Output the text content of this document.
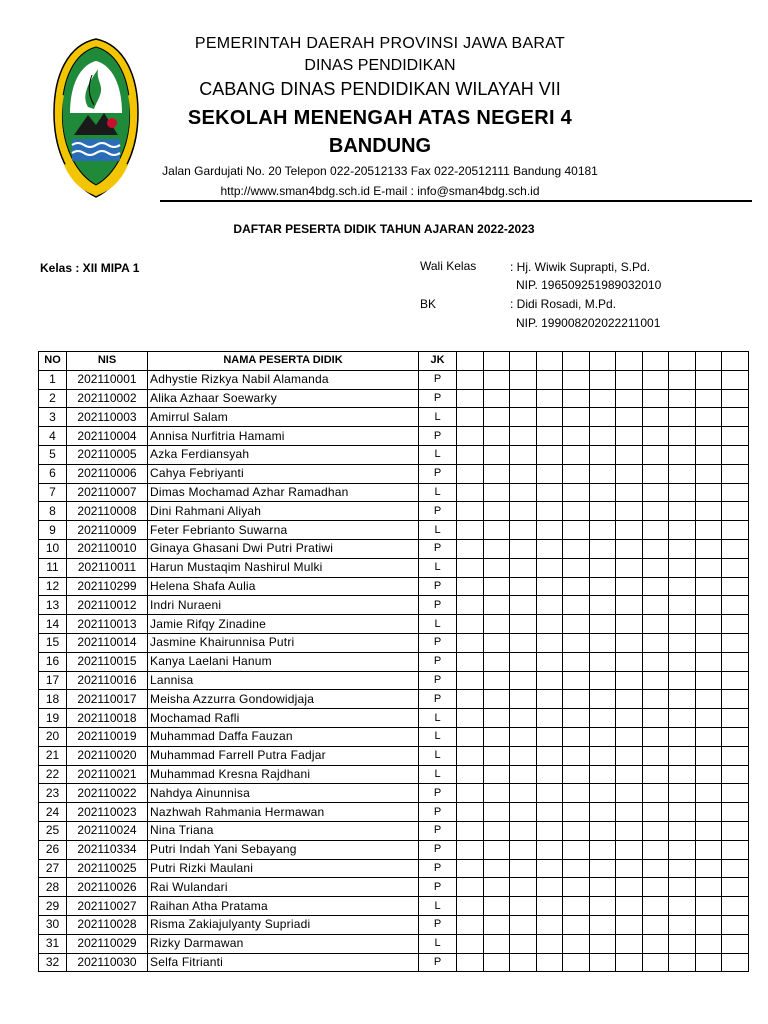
PEMERINTAH DAERAH PROVINSI JAWA BARAT
DINAS PENDIDIKAN
CABANG DINAS PENDIDIKAN WILAYAH VII
SEKOLAH MENENGAH ATAS NEGERI 4
BANDUNG
Jalan Gardujati No. 20 Telepon 022-20512133 Fax 022-20512111 Bandung 40181
http://www.sman4bdg.sch.id E-mail : info@sman4bdg.sch.id
DAFTAR PESERTA DIDIK TAHUN AJARAN 2022-2023
Kelas : XII MIPA 1	Wali Kelas	: Hj. Wiwik Suprapti, S.Pd.
NIP. 196509251989032010
BK	: Didi Rosadi, M.Pd.
NIP. 199008202022211001
NO	NIS	NAMA PESERTA DIDIK	JK											
1	202110001	Adhystie Rizkya Nabil Alamanda	P											
2	202110002	Alika Azhaar Soewarky	P											
3	202110003	Amirrul Salam	L											
4	202110004	Annisa Nurfitria Hamami	P											
5	202110005	Azka Ferdiansyah	L											
6	202110006	Cahya Febriyanti	P											
7	202110007	Dimas Mochamad Azhar Ramadhan	L											
8	202110008	Dini Rahmani Aliyah	P											
9	202110009	Feter Febrianto Suwarna	L											
10	202110010	Ginaya Ghasani Dwi Putri Pratiwi	P											
11	202110011	Harun Mustaqim Nashirul Mulki	L											
12	202110299	Helena Shafa Aulia	P											
13	202110012	Indri Nuraeni	P											
14	202110013	Jamie Rifqy Zinadine	L											
15	202110014	Jasmine Khairunnisa Putri	P											
16	202110015	Kanya Laelani Hanum	P											
17	202110016	Lannisa	P											
18	202110017	Meisha Azzurra Gondowidjaja	P											
19	202110018	Mochamad Rafli	L											
20	202110019	Muhammad Daffa Fauzan	L											
21	202110020	Muhammad Farrell Putra Fadjar	L											
22	202110021	Muhammad Kresna Rajdhani	L											
23	202110022	Nahdya Ainunnisa	P											
24	202110023	Nazhwah Rahmania Hermawan	P											
25	202110024	Nina Triana	P											
26	202110334	Putri Indah Yani Sebayang	P											
27	202110025	Putri Rizki Maulani	P											
28	202110026	Rai Wulandari	P											
29	202110027	Raihan Atha Pratama	L											
30	202110028	Risma Zakiajulyanty Supriadi	P											
31	202110029	Rizky Darmawan	L											
32	202110030	Selfa Fitrianti	P											
